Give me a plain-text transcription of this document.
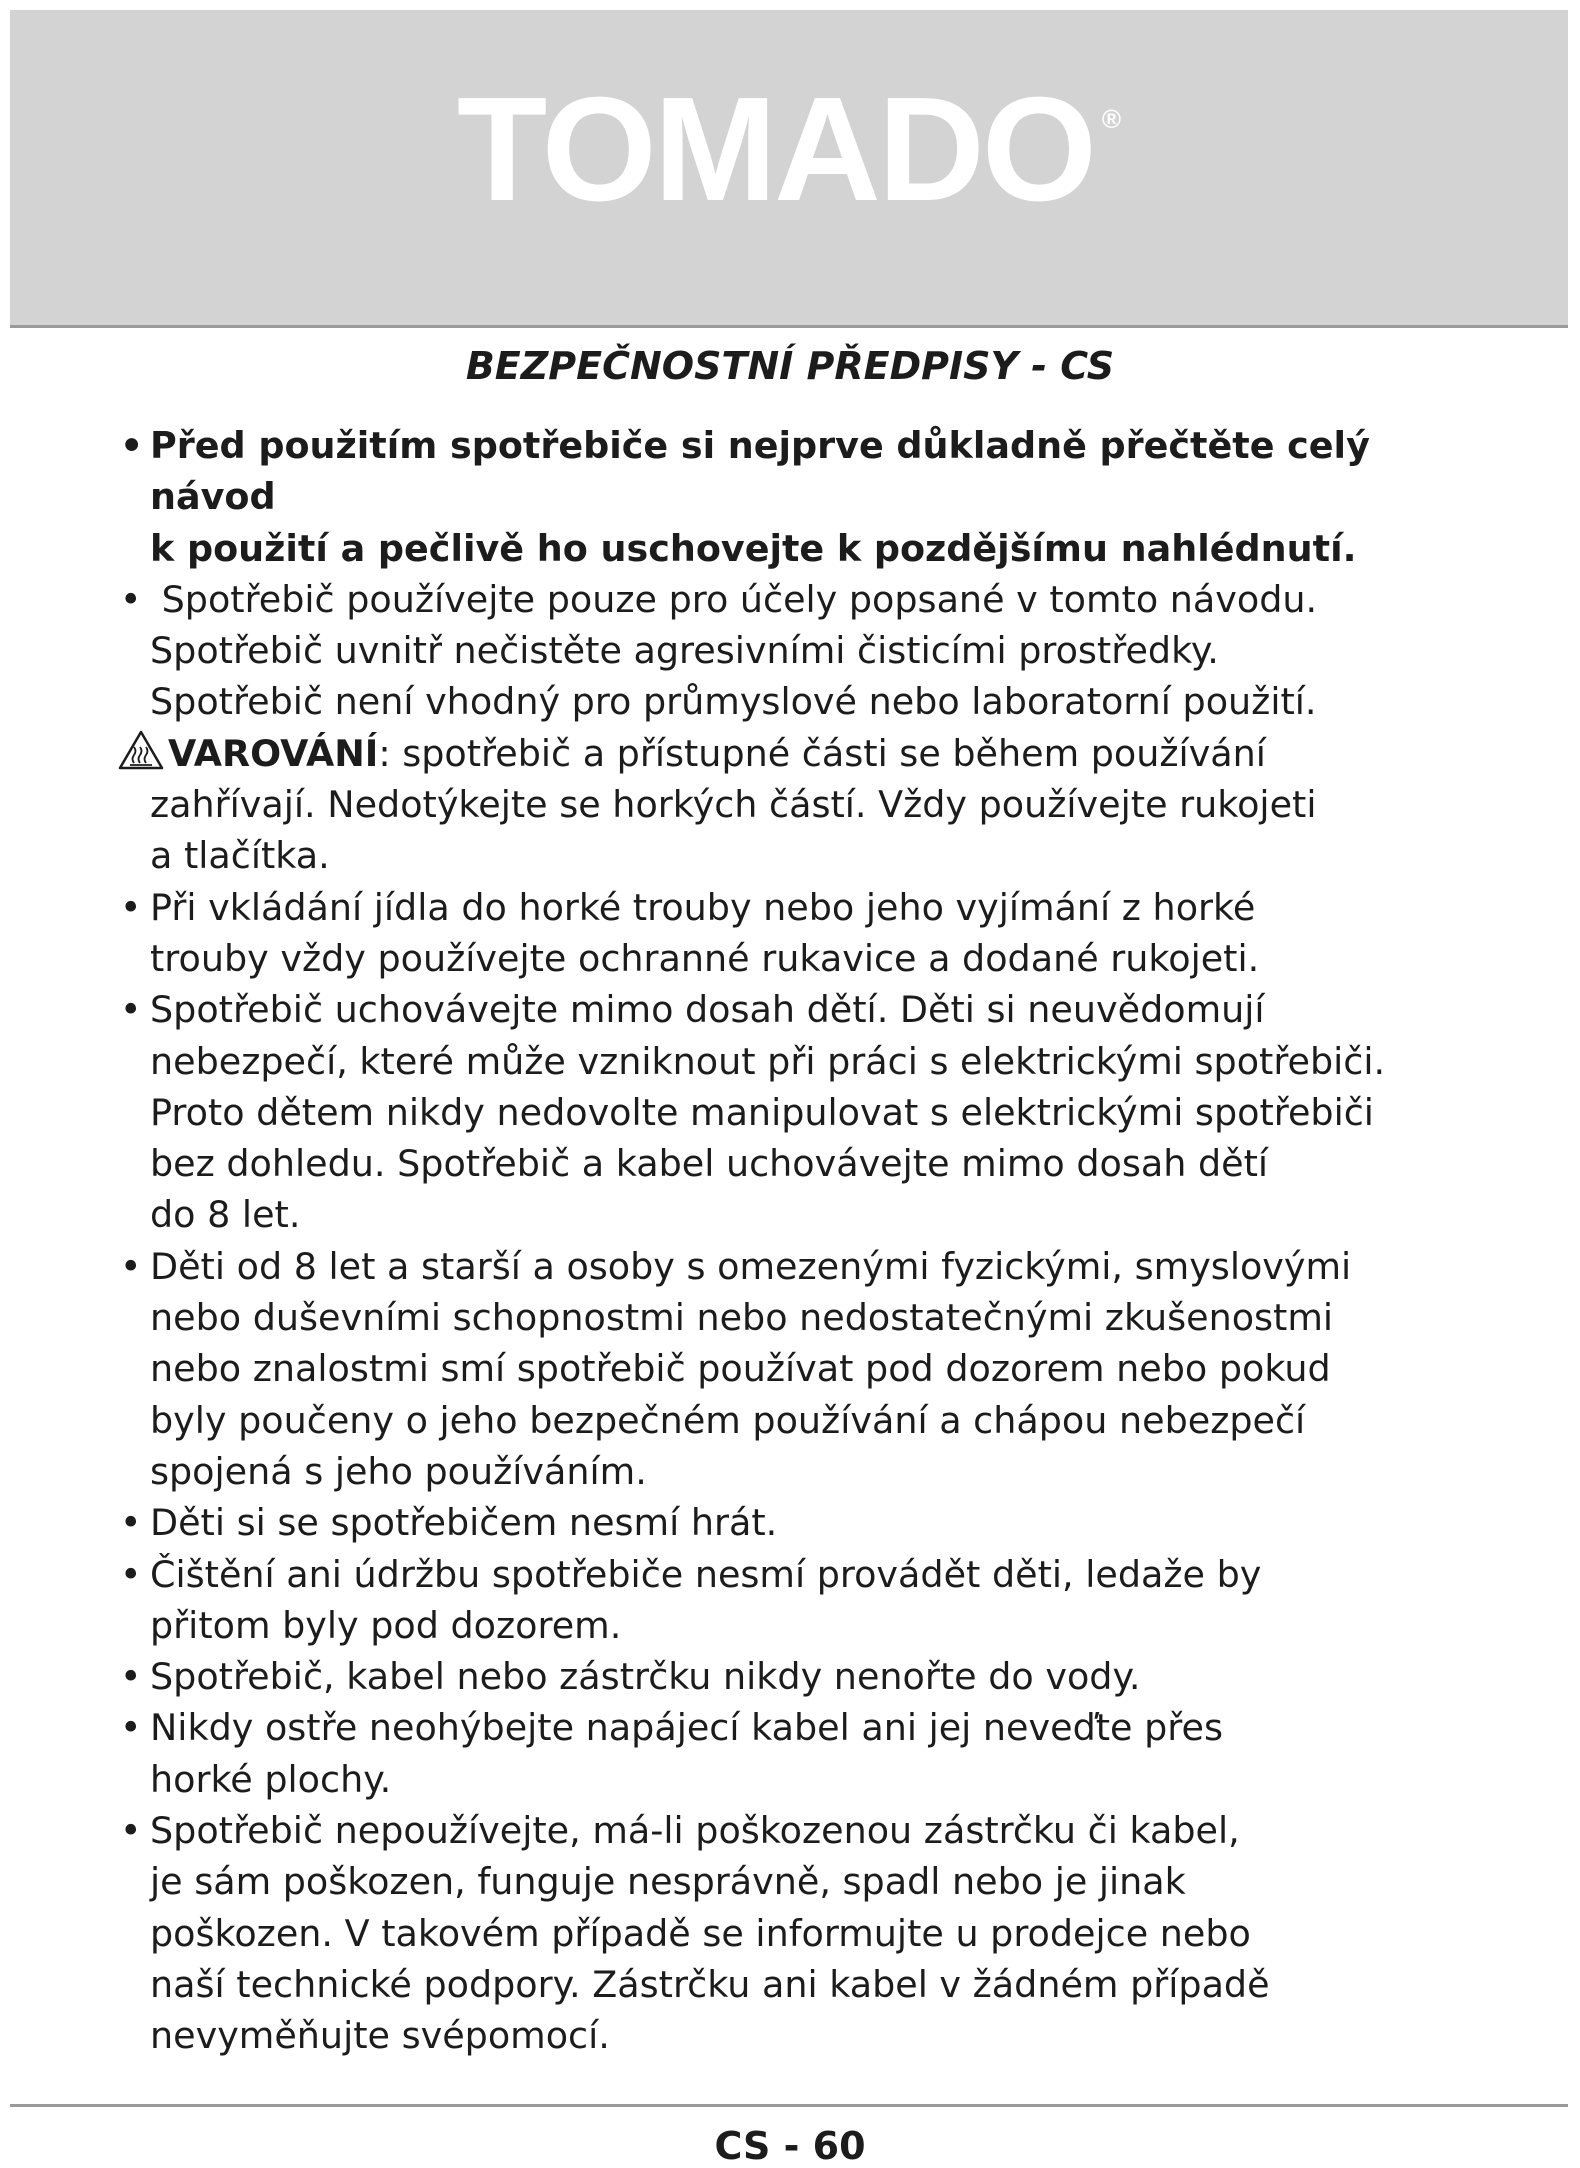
TOMADO ®
BEZPEČNOSTNÍ PŘEDPISY - CS
• Před použitím spotřebiče si nejprve důkladně přečtěte celý návod
k použití a pečlivě ho uschovejte k pozdějšímu nahlédnutí.
• Spotřebič používejte pouze pro účely popsané v tomto návodu.
Spotřebič uvnitř nečistěte agresivními čisticími prostředky.
Spotřebič není vhodný pro průmyslové nebo laboratorní použití.
VAROVÁNÍ: spotřebič a přístupné části se během používání
zahřívají. Nedotýkejte se horkých částí. Vždy používejte rukojeti
a tlačítka.
• Při vkládání jídla do horké trouby nebo jeho vyjímání z horké
trouby vždy používejte ochranné rukavice a dodané rukojeti.
• Spotřebič uchovávejte mimo dosah dětí. Děti si neuvědomují
nebezpečí, které může vzniknout při práci s elektrickými spotřebiči.
Proto dětem nikdy nedovolte manipulovat s elektrickými spotřebiči
bez dohledu. Spotřebič a kabel uchovávejte mimo dosah dětí
do 8 let.
• Děti od 8 let a starší a osoby s omezenými fyzickými, smyslovými
nebo duševními schopnostmi nebo nedostatečnými zkušenostmi
nebo znalostmi smí spotřebič používat pod dozorem nebo pokud
byly poučeny o jeho bezpečném používání a chápou nebezpečí
spojená s jeho používáním.
• Děti si se spotřebičem nesmí hrát.
• Čištění ani údržbu spotřebiče nesmí provádět děti, ledaže by
přitom byly pod dozorem.
• Spotřebič, kabel nebo zástrčku nikdy nenořte do vody.
• Nikdy ostře neohýbejte napájecí kabel ani jej neveďte přes
horké plochy.
• Spotřebič nepoužívejte, má-li poškozenou zástrčku či kabel,
je sám poškozen, funguje nesprávně, spadl nebo je jinak
poškozen. V takovém případě se informujte u prodejce nebo
naší technické podpory. Zástrčku ani kabel v žádném případě
nevyměňujte svépomocí.
CS - 60
